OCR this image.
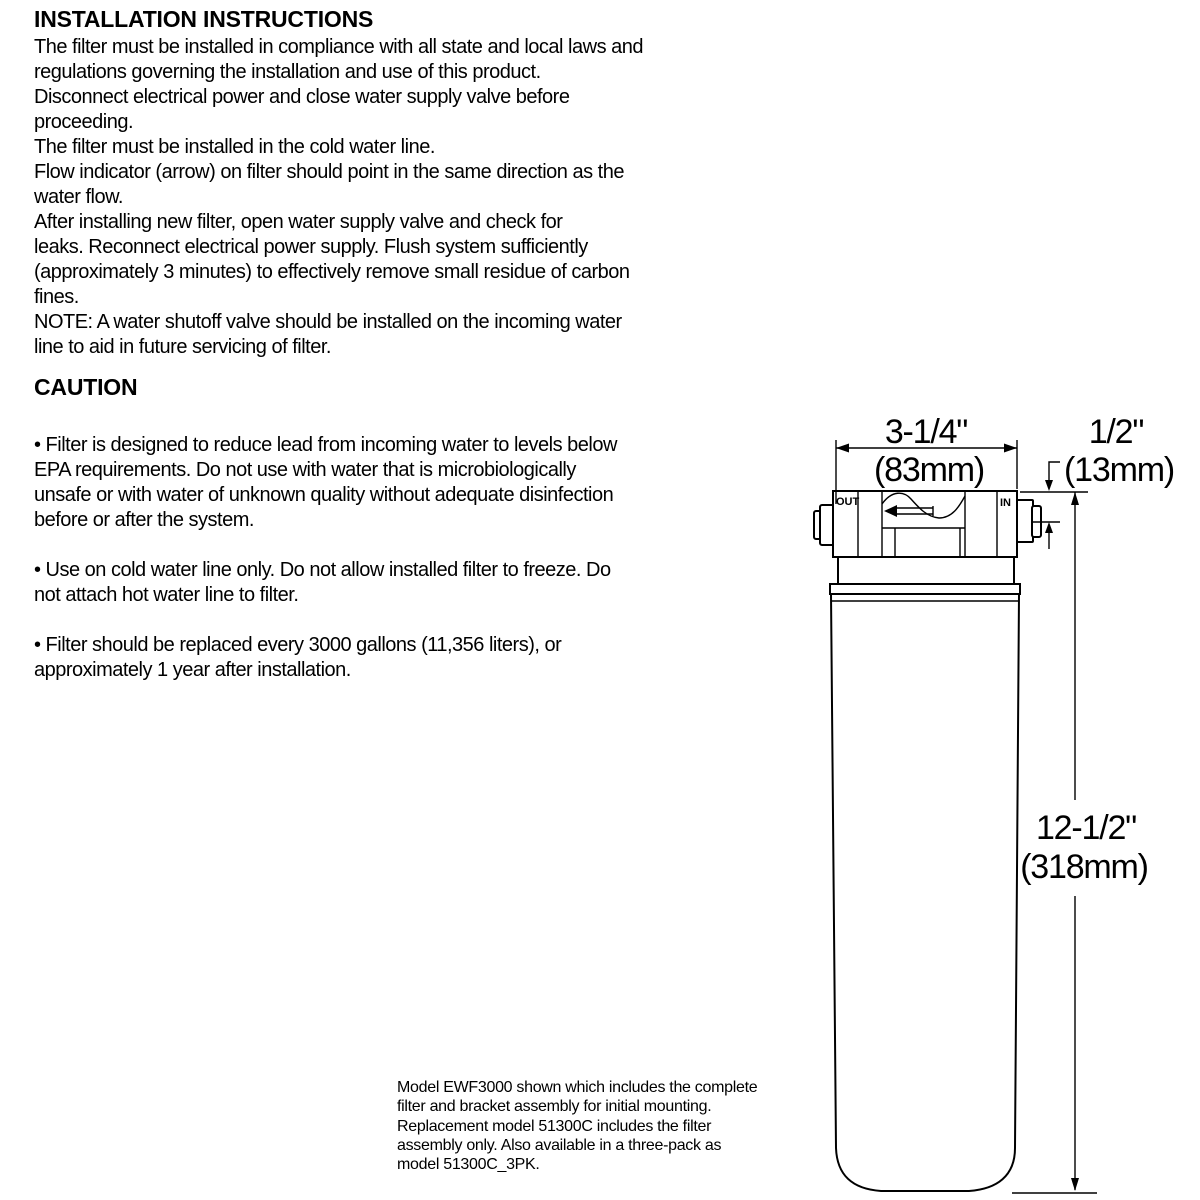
INSTALLATION INSTRUCTIONS
The filter must be installed in compliance with all state and local laws and
regulations governing the installation and use of this product.
Disconnect electrical power and close water supply valve before
proceeding.
The filter must be installed in the cold water line.
Flow indicator (arrow) on filter should point in the same direction as the
water flow.
After installing new filter, open water supply valve and check for
leaks. Reconnect electrical power supply. Flush system sufficiently
(approximately 3 minutes) to effectively remove small residue of carbon
fines.
NOTE: A water shutoff valve should be installed on the incoming water
line to aid in future servicing of filter.
CAUTION
• Filter is designed to reduce lead from incoming water to levels below
EPA requirements. Do not use with water that is microbiologically
unsafe or with water of unknown quality without adequate disinfection
before or after the system.
• Use on cold water line only. Do not allow installed filter to freeze. Do
not attach hot water line to filter.
• Filter should be replaced every 3000 gallons (11,356 liters), or
approximately 1 year after installation.
Model EWF3000 shown which includes the complete
filter and bracket assembly for initial mounting.
Replacement model 51300C includes the filter
assembly only. Also available in a three-pack as
model 51300C_3PK.
OUT	IN
3-1/4"
(83mm)
1/2"
(13mm)
12-1/2"
(318mm)
